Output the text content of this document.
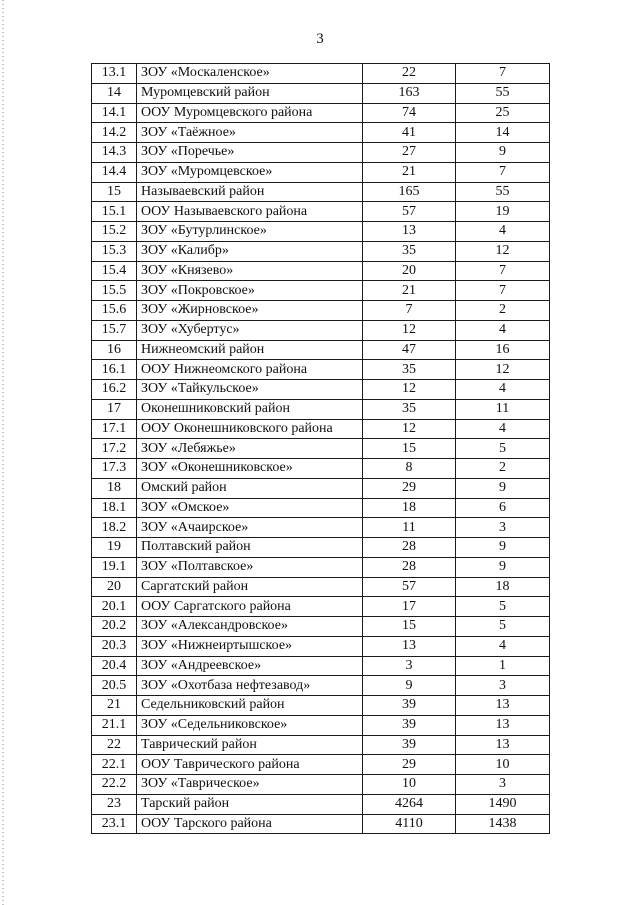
3
13.1	ЗОУ «Москаленское»	22	7
14	Муромцевский район	163	55
14.1	ООУ Муромцевского района	74	25
14.2	ЗОУ «Таёжное»	41	14
14.3	ЗОУ «Поречье»	27	9
14.4	ЗОУ «Муромцевское»	21	7
15	Называевский район	165	55
15.1	ООУ Называевского района	57	19
15.2	ЗОУ «Бутурлинское»	13	4
15.3	ЗОУ «Калибр»	35	12
15.4	ЗОУ «Князево»	20	7
15.5	ЗОУ «Покровское»	21	7
15.6	ЗОУ «Жирновское»	7	2
15.7	ЗОУ «Хубертус»	12	4
16	Нижнеомский район	47	16
16.1	ООУ Нижнеомского района	35	12
16.2	ЗОУ «Тайкульское»	12	4
17	Оконешниковский район	35	11
17.1	ООУ Оконешниковского района	12	4
17.2	ЗОУ «Лебяжье»	15	5
17.3	ЗОУ «Оконешниковское»	8	2
18	Омский район	29	9
18.1	ЗОУ «Омское»	18	6
18.2	ЗОУ «Ачаирское»	11	3
19	Полтавский район	28	9
19.1	ЗОУ «Полтавское»	28	9
20	Саргатский район	57	18
20.1	ООУ Саргатского района	17	5
20.2	ЗОУ «Александровское»	15	5
20.3	ЗОУ «Нижнеиртышское»	13	4
20.4	ЗОУ «Андреевское»	3	1
20.5	ЗОУ «Охотбаза нефтезавод»	9	3
21	Седельниковский район	39	13
21.1	ЗОУ «Седельниковское»	39	13
22	Таврический район	39	13
22.1	ООУ Таврического района	29	10
22.2	ЗОУ «Таврическое»	10	3
23	Тарский район	4264	1490
23.1	ООУ Тарского района	4110	1438
